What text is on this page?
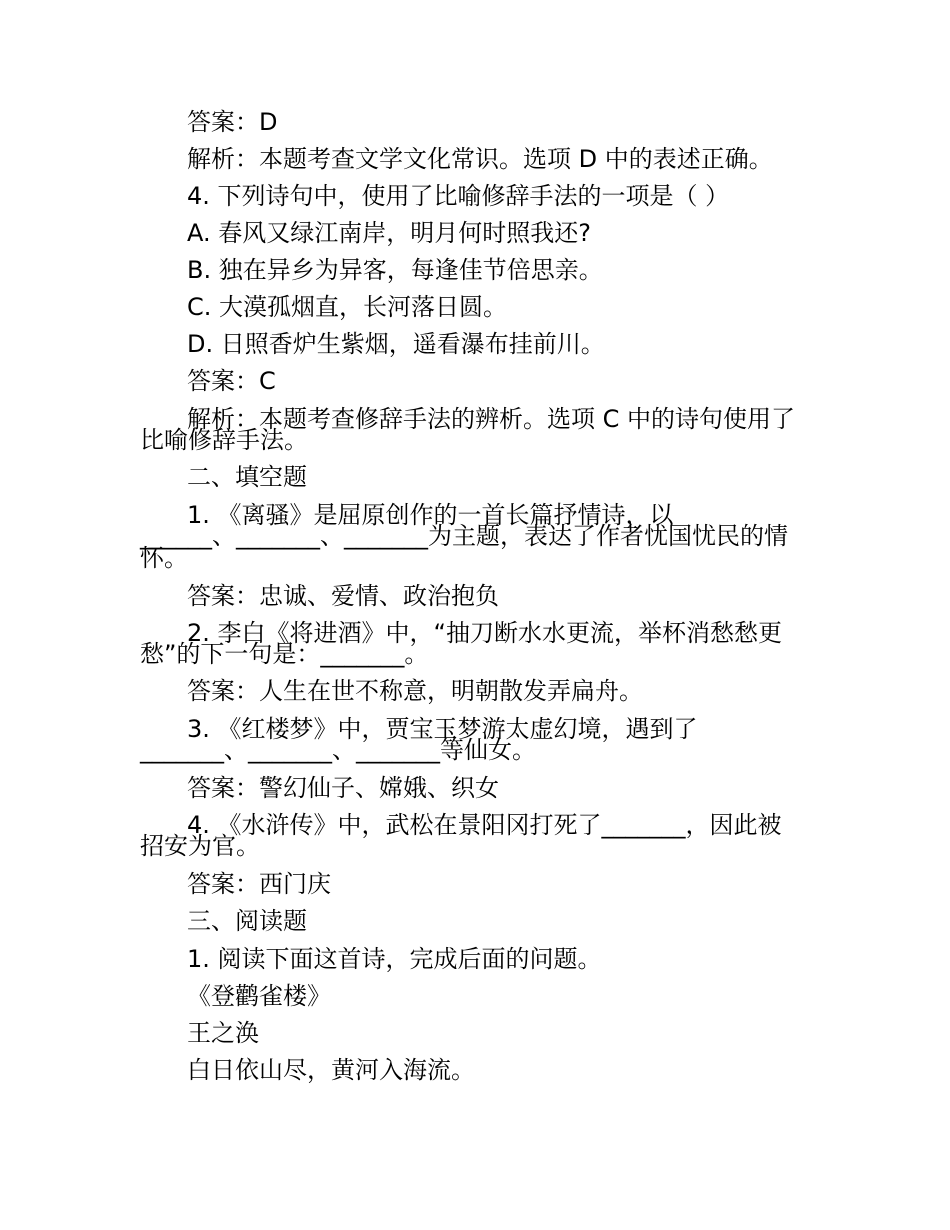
答案：D
解析：本题考查文学文化常识。选项 D 中的表述正确。
4. 下列诗句中，使用了比喻修辞手法的一项是（ ）
A. 春风又绿江南岸，明月何时照我还?
B. 独在异乡为异客，每逢佳节倍思亲。
C. 大漠孤烟直，长河落日圆。
D. 日照香炉生紫烟，遥看瀑布挂前川。
答案：C
解析：本题考查修辞手法的辨析。选项 C 中的诗句使用了
比喻修辞手法。
二、填空题
1. 《离骚》是屈原创作的一首长篇抒情诗，以
______、_______、_______为主题，表达了作者忧国忧民的情
怀。
答案：忠诚、爱情、政治抱负
2. 李白《将进酒》中，“抽刀断水水更流，举杯消愁愁更
愁”的下一句是：_______。
答案：人生在世不称意，明朝散发弄扁舟。
3. 《红楼梦》中，贾宝玉梦游太虚幻境，遇到了
_______、_______、_______等仙女。
答案：警幻仙子、嫦娥、织女
4. 《水浒传》中，武松在景阳冈打死了_______，因此被
招安为官。
答案：西门庆
三、阅读题
1. 阅读下面这首诗，完成后面的问题。
《登鹳雀楼》
王之涣
白日依山尽，黄河入海流。
